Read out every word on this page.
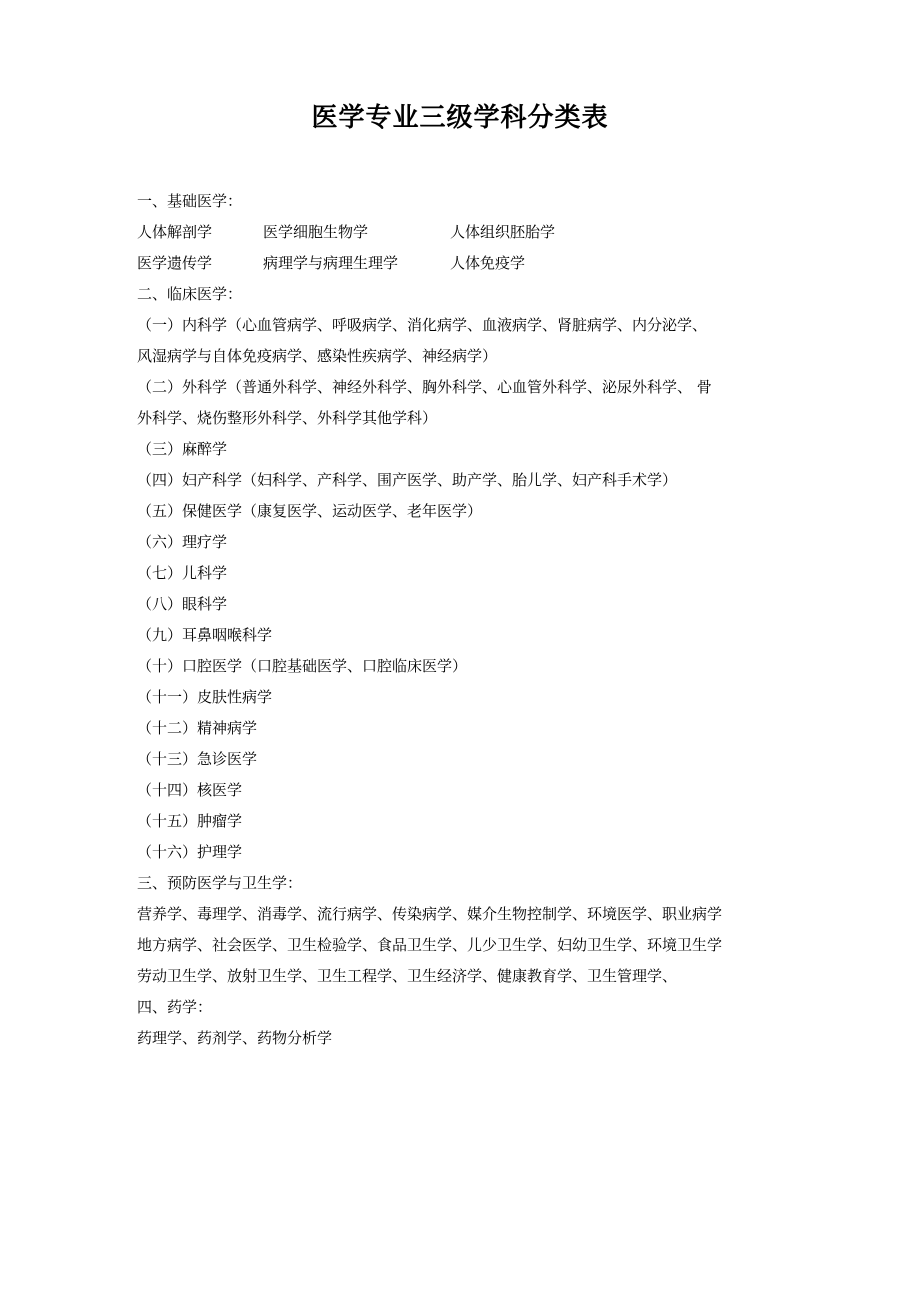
医学专业三级学科分类表
一、基础医学：
人体解剖学	医学细胞生物学	人体组织胚胎学
医学遗传学	病理学与病理生理学	人体免疫学
二、临床医学：
（一）内科学（心血管病学、呼吸病学、消化病学、血液病学、肾脏病学、内分泌学、
风湿病学与自体免疫病学、感染性疾病学、神经病学）
（二）外科学（普通外科学、神经外科学、胸外科学、心血管外科学、泌尿外科学、 骨
外科学、烧伤整形外科学、外科学其他学科）
（三）麻醉学
（四）妇产科学（妇科学、产科学、围产医学、助产学、胎儿学、妇产科手术学）
（五）保健医学（康复医学、运动医学、老年医学）
（六）理疗学
（七）儿科学
（八）眼科学
（九）耳鼻咽喉科学
（十）口腔医学（口腔基础医学、口腔临床医学）
（十一）皮肤性病学
（十二）精神病学
（十三）急诊医学
（十四）核医学
（十五）肿瘤学
（十六）护理学
三、预防医学与卫生学：
营养学、毒理学、消毒学、流行病学、传染病学、媒介生物控制学、环境医学、职业病学
地方病学、社会医学、卫生检验学、食品卫生学、儿少卫生学、妇幼卫生学、环境卫生学
劳动卫生学、放射卫生学、卫生工程学、卫生经济学、健康教育学、卫生管理学、
四、药学：
药理学、药剂学、药物分析学
